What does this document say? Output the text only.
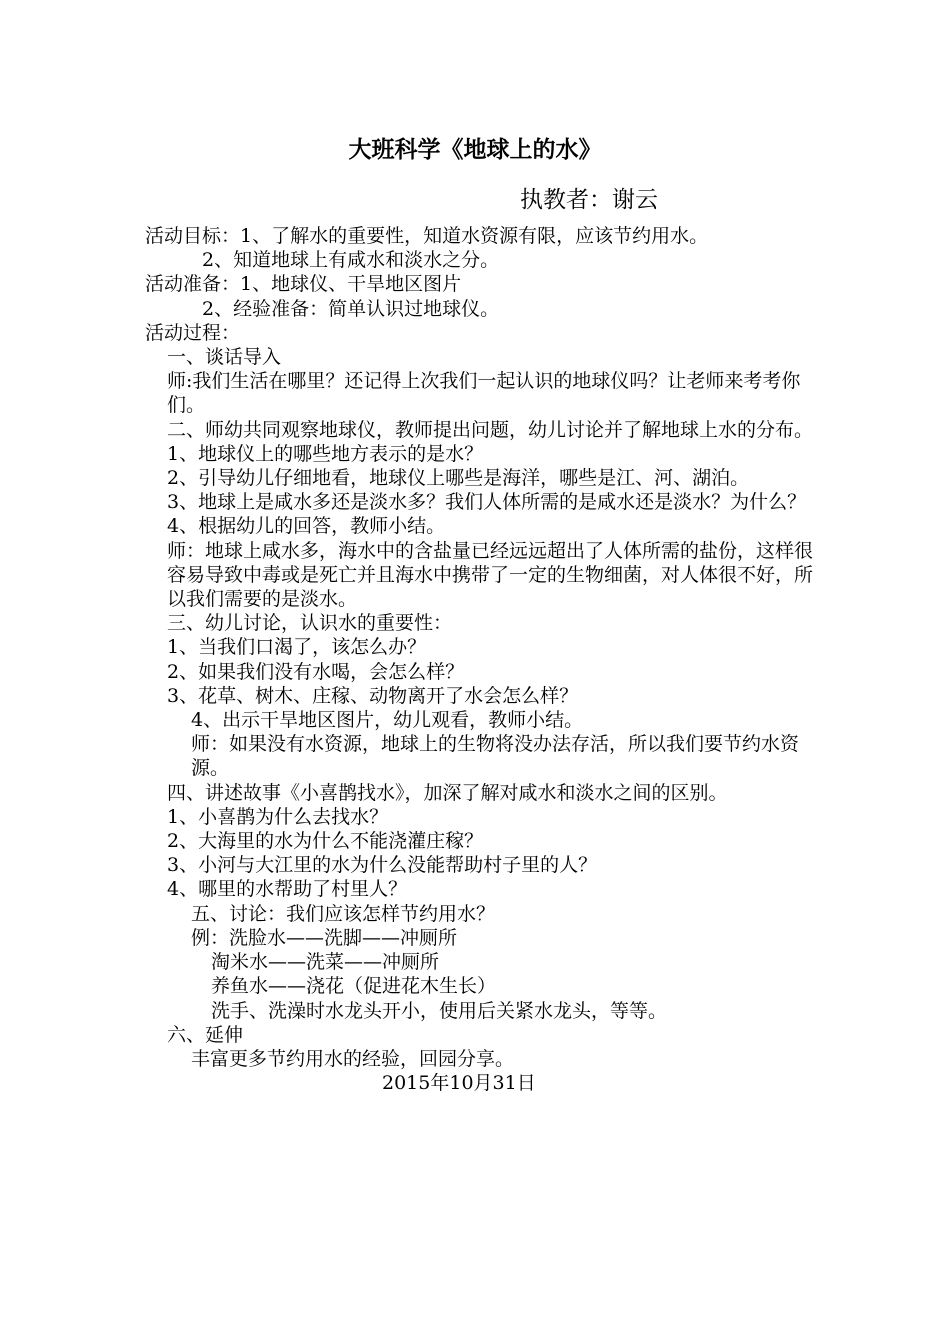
大班科学《地球上的水》
执教者：谢云

活动目标：1、了解水的重要性，知道水资源有限，应该节约用水。

2、知道地球上有咸水和淡水之分。

活动准备：1、地球仪、干旱地区图片

2、经验准备：简单认识过地球仪。

活动过程：

一、谈话导入

师:我们生活在哪里？还记得上次我们一起认识的地球仪吗？让老师来考考你们。

二、师幼共同观察地球仪，教师提出问题，幼儿讨论并了解地球上水的分布。

1、地球仪上的哪些地方表示的是水？

2、引导幼儿仔细地看，地球仪上哪些是海洋，哪些是江、河、湖泊。

3、地球上是咸水多还是淡水多？我们人体所需的是咸水还是淡水？为什么？

4、根据幼儿的回答，教师小结。

师：地球上咸水多，海水中的含盐量已经远远超出了人体所需的盐份，这样很容易导致中毒或是死亡并且海水中携带了一定的生物细菌，对人体很不好，所以我们需要的是淡水。

三、幼儿讨论，认识水的重要性：

1、当我们口渴了，该怎么办？

2、如果我们没有水喝，会怎么样？

3、花草、树木、庄稼、动物离开了水会怎么样？

4、出示干旱地区图片，幼儿观看，教师小结。

师：如果没有水资源，地球上的生物将没办法存活，所以我们要节约水资源。

四、讲述故事《小喜鹊找水》，加深了解对咸水和淡水之间的区别。

1、小喜鹊为什么去找水？

2、大海里的水为什么不能浇灌庄稼？

3、小河与大江里的水为什么没能帮助村子里的人？

4、哪里的水帮助了村里人？

五、讨论：我们应该怎样节约用水？

例：洗脸水——洗脚——冲厕所

淘米水——洗菜——冲厕所

养鱼水——浇花（促进花木生长）

洗手、洗澡时水龙头开小，使用后关紧水龙头，等等。

六、延伸

丰富更多节约用水的经验，回园分享。

2015年10月31日
